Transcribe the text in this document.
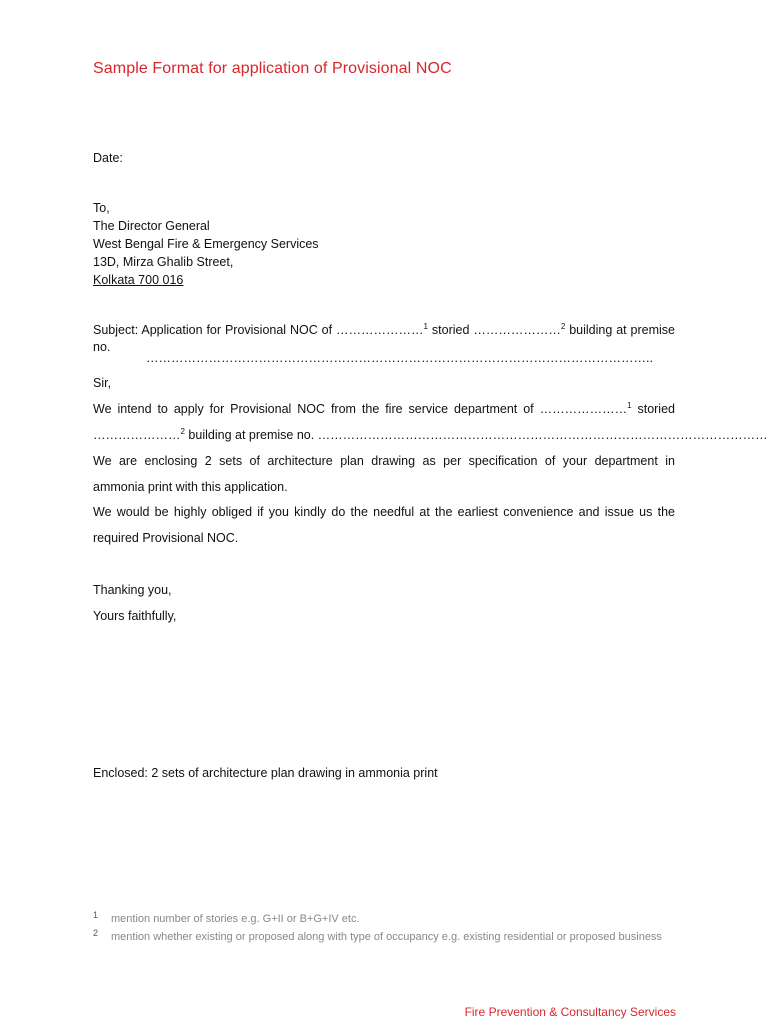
Sample Format for application of Provisional NOC
Date:
To,
The Director General
West Bengal Fire & Emergency Services
13D, Mirza Ghalib Street,
Kolkata 700 016
Subject: Application for Provisional NOC of …………………$^1$ storied …………………$^2$ building at premise no.
…………………………………………………………………………………………………………..
Sir,
We intend to apply for Provisional NOC from the fire service department of …………………$^1$ storied
…………………$^2$ building at premise no. ………………………………………………………………………………………………
We are enclosing 2 sets of architecture plan drawing as per specification of your department in
ammonia print with this application.
We would be highly obliged if you kindly do the needful at the earliest convenience and issue us the
required Provisional NOC.
Thanking you,
Yours faithfully,
Enclosed: 2 sets of architecture plan drawing in ammonia print
1 mention number of stories e.g. G+II or B+G+IV etc.
2 mention whether existing or proposed along with type of occupancy e.g. existing residential or proposed business
Fire Prevention & Consultancy Services
